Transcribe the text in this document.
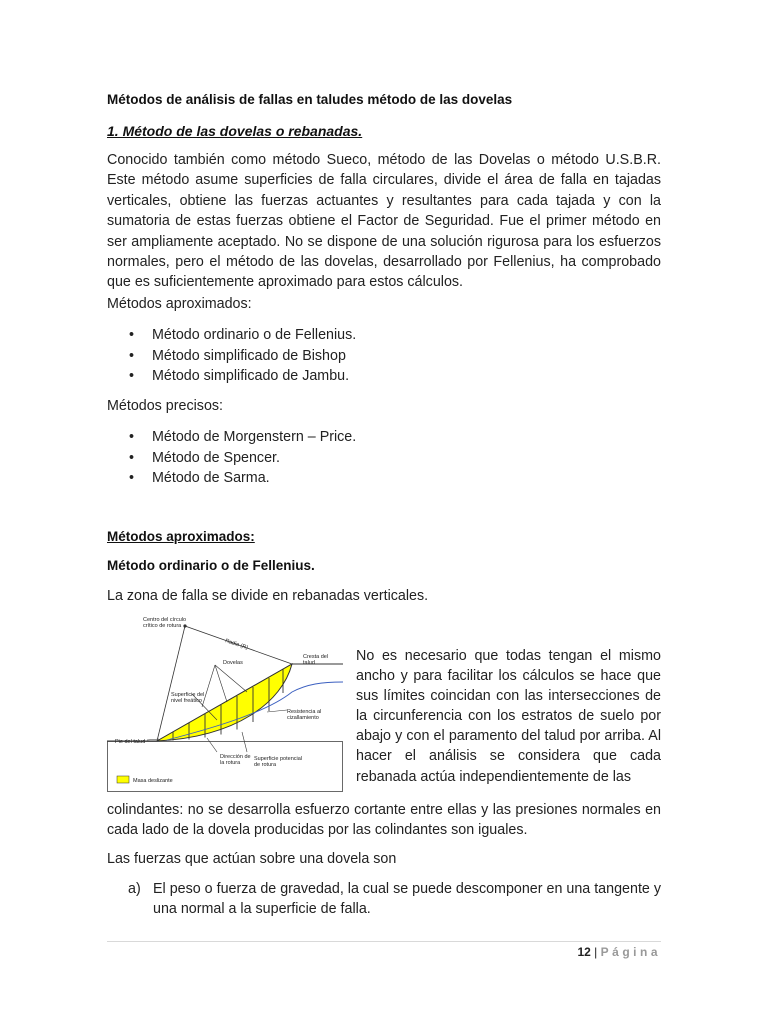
Métodos de análisis de fallas en taludes método de las dovelas
1. Método de las dovelas o rebanadas.
Conocido también como método Sueco, método de las Dovelas o método U.S.B.R. Este método asume superficies de falla circulares, divide el área de falla en tajadas verticales, obtiene las fuerzas actuantes y resultantes para cada tajada y con la sumatoria de estas fuerzas obtiene el Factor de Seguridad. Fue el primer método en ser ampliamente aceptado. No se dispone de una solución rigurosa para los esfuerzos normales, pero el método de las dovelas, desarrollado por Fellenius, ha comprobado que es suficientemente aproximado para estos cálculos.
Métodos aproximados:
• Método ordinario o de Fellenius.
• Método simplificado de Bishop
• Método simplificado de Jambu.
Métodos precisos:
• Método de Morgenstern – Price.
• Método de Spencer.
• Método de Sarma.
Métodos aproximados:
Método ordinario o de Fellenius.
La zona de falla se divide en rebanadas verticales.
Centro del círculo
crítico de rotura
Radio (R)
Cresta del
talud
Dovelas
Superficie del
nivel freático
Resistencia al
cizallamiento
Pie del talud
Dirección de
la rotura
Superficie potencial
de rotura
Masa deslizante
No es necesario que todas tengan el mismo ancho y para facilitar los cálculos se hace que sus límites coincidan con las intersecciones de la circunferencia con los estratos de suelo por abajo y con el paramento del talud por arriba. Al hacer el análisis se considera que cada rebanada actúa independientemente de las
colindantes: no se desarrolla esfuerzo cortante entre ellas y las presiones normales en cada lado de la dovela producidas por las colindantes son iguales.
Las fuerzas que actúan sobre una dovela son
a) El peso o fuerza de gravedad, la cual se puede descomponer en una tangente y una normal a la superficie de falla.
12 | Página
